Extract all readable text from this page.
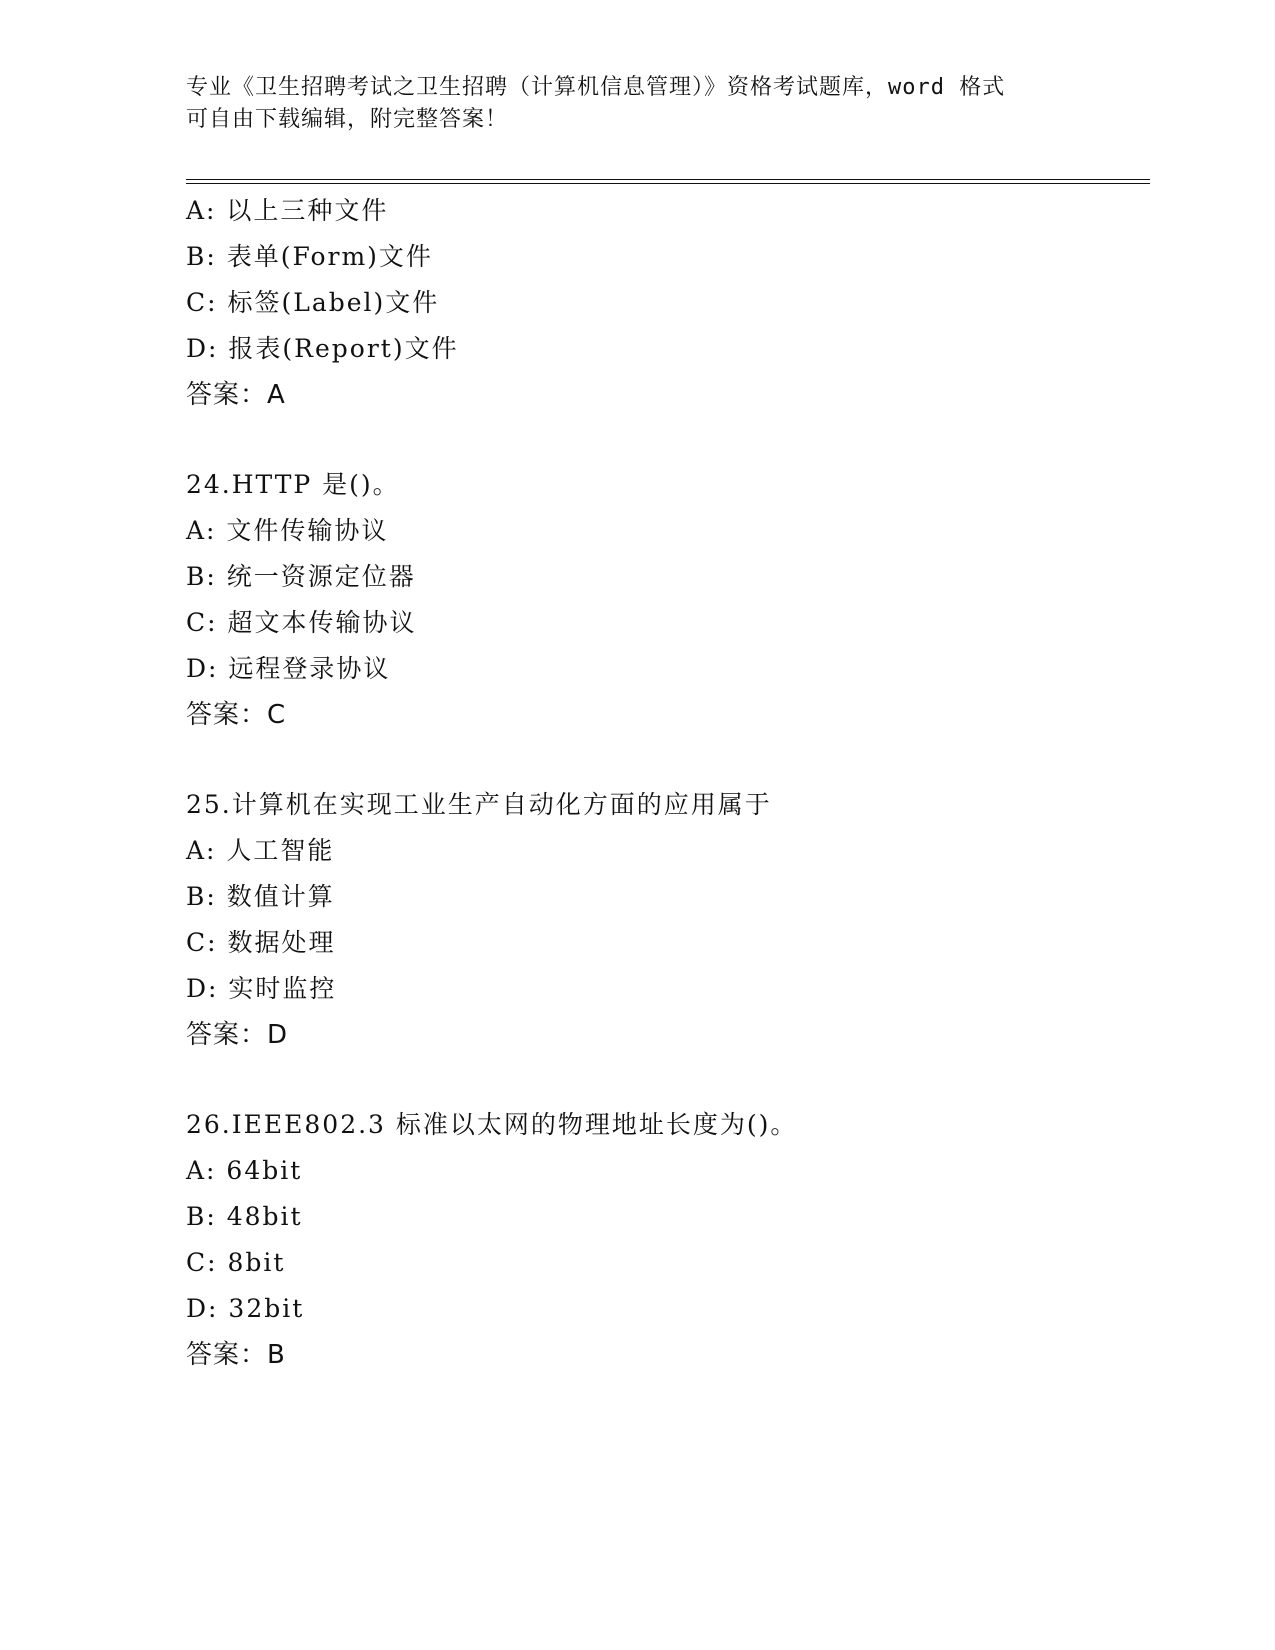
专业《卫生招聘考试之卫生招聘（计算机信息管理）》资格考试题库，word 格式
可自由下载编辑，附完整答案！
A: 以上三种文件
B: 表单(Form)文件
C: 标签(Label)文件
D: 报表(Report)文件
答案：A
24.HTTP 是()。
A: 文件传输协议
B: 统一资源定位器
C: 超文本传输协议
D: 远程登录协议
答案：C
25.计算机在实现工业生产自动化方面的应用属于
A: 人工智能
B: 数值计算
C: 数据处理
D: 实时监控
答案：D
26.IEEE802.3 标准以太网的物理地址长度为()。
A: 64bit
B: 48bit
C: 8bit
D: 32bit
答案：B
